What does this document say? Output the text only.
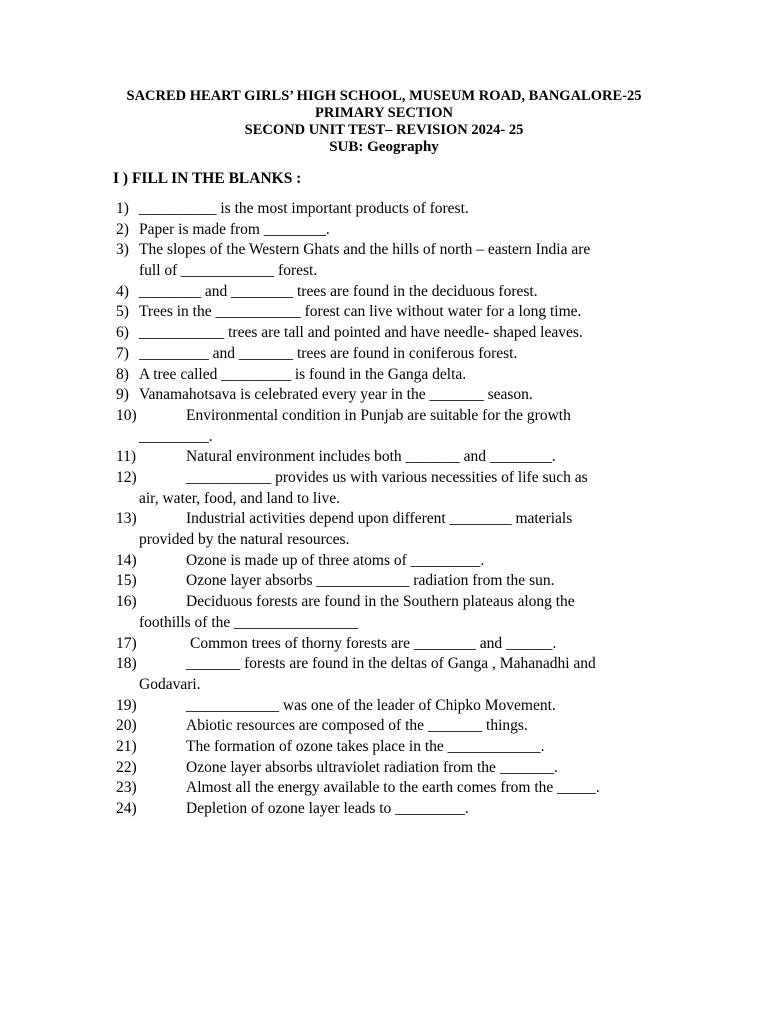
SACRED HEART GIRLS’ HIGH SCHOOL, MUSEUM ROAD, BANGALORE-25
PRIMARY SECTION
SECOND UNIT TEST– REVISION 2024- 25
SUB: Geography
I ) FILL IN THE BLANKS :
1) __________ is the most important products of forest.
2) Paper is made from ________.
3) The slopes of the Western Ghats and the hills of north – eastern India are
full of ____________ forest.
4) ________ and ________ trees are found in the deciduous forest.
5) Trees in the ___________ forest can live without water for a long time.
6) ___________ trees are tall and pointed and have needle- shaped leaves.
7) _________ and _______ trees are found in coniferous forest.
8) A tree called _________ is found in the Ganga delta.
9) Vanamahotsava is celebrated every year in the _______ season.
10)	Environmental condition in Punjab are suitable for the growth
_________.
11)	Natural environment includes both _______ and ________.
12)	___________ provides us with various necessities of life such as
air, water, food, and land to live.
13)	Industrial activities depend upon different ________ materials
provided by the natural resources.
14)	Ozone is made up of three atoms of _________.
15)	Ozone layer absorbs ____________ radiation from the sun.
16)	Deciduous forests are found in the Southern plateaus along the
foothills of the ________________
17)	Common trees of thorny forests are ________ and ______.
18)	_______ forests are found in the deltas of Ganga , Mahanadhi and
Godavari.
19)	____________ was one of the leader of Chipko Movement.
20)	Abiotic resources are composed of the _______ things.
21)	The formation of ozone takes place in the ____________.
22)	Ozone layer absorbs ultraviolet radiation from the _______.
23)	Almost all the energy available to the earth comes from the _____.
24)	Depletion of ozone layer leads to _________.
